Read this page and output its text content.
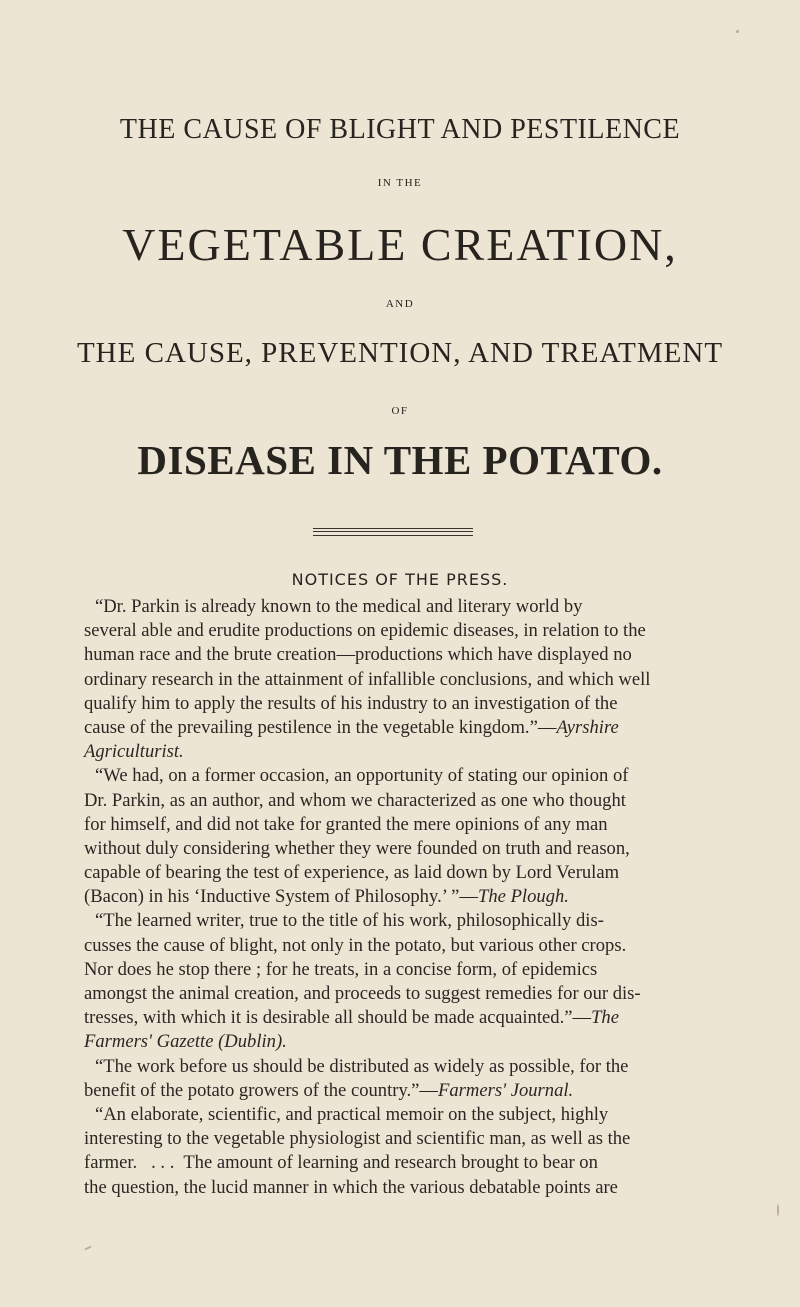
THE CAUSE OF BLIGHT AND PESTILENCE
IN THE
VEGETABLE CREATION,
AND
THE CAUSE, PREVENTION, AND TREATMENT
OF
DISEASE IN THE POTATO.
NOTICES OF THE PRESS.
“Dr. Parkin is already known to the medical and literary world by
several able and erudite productions on epidemic diseases, in relation to the
human race and the brute creation—productions which have displayed no
ordinary research in the attainment of infallible conclusions, and which well
qualify him to apply the results of his industry to an investigation of the
cause of the prevailing pestilence in the vegetable kingdom.”—Ayrshire
Agriculturist.
“We had, on a former occasion, an opportunity of stating our opinion of
Dr. Parkin, as an author, and whom we characterized as one who thought
for himself, and did not take for granted the mere opinions of any man
without duly considering whether they were founded on truth and reason,
capable of bearing the test of experience, as laid down by Lord Verulam
(Bacon) in his ‘Inductive System of Philosophy.’ ”—The Plough.
“The learned writer, true to the title of his work, philosophically dis-
cusses the cause of blight, not only in the potato, but various other crops.
Nor does he stop there ; for he treats, in a concise form, of epidemics
amongst the animal creation, and proceeds to suggest remedies for our dis-
tresses, with which it is desirable all should be made acquainted.”—The
Farmers' Gazette (Dublin).
“The work before us should be distributed as widely as possible, for the
benefit of the potato growers of the country.”—Farmers' Journal.
“An elaborate, scientific, and practical memoir on the subject, highly
interesting to the vegetable physiologist and scientific man, as well as the
farmer.   . . .  The amount of learning and research brought to bear on
the question, the lucid manner in which the various debatable points are
